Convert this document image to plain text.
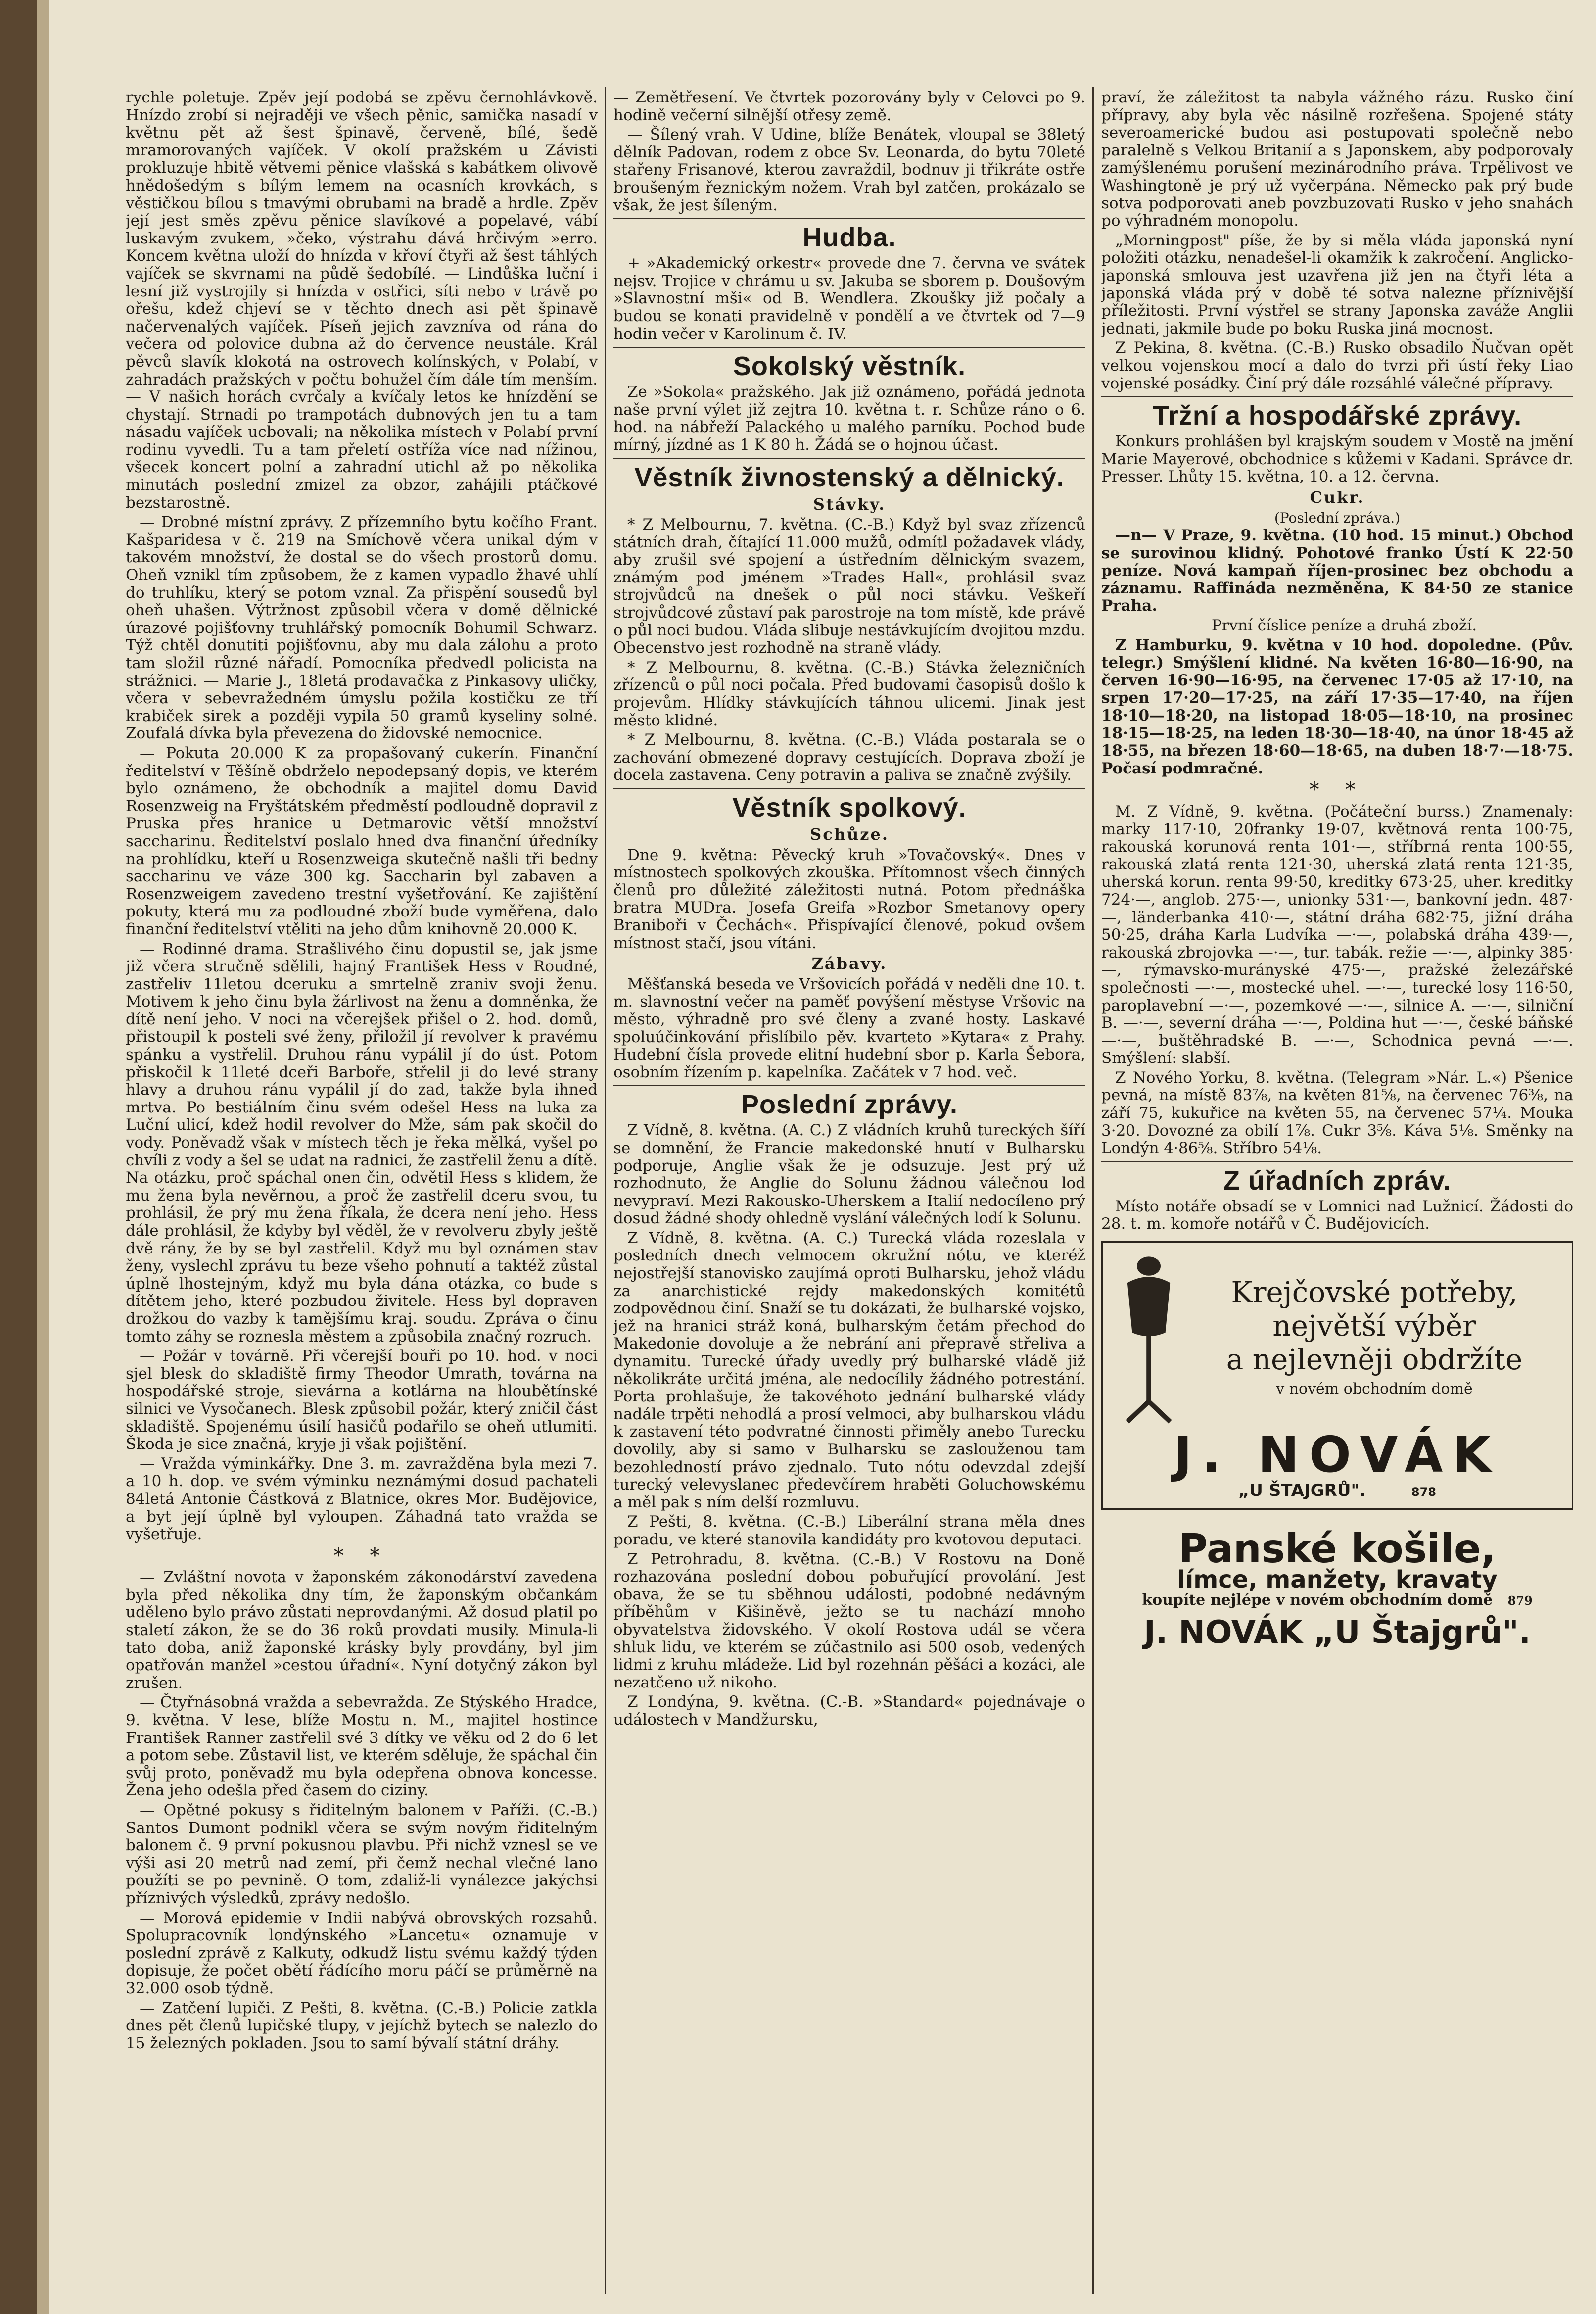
rychle poletuje. Zpěv její podobá se zpěvu černohlávkově. Hnízdo zrobí si nejraději ve všech pěnic, samička nasadí v květnu pět až šest špinavě, červeně, bílé, šedě mramorovaných vajíček. V okolí pražském u Závisti prokluzuje hbitě větvemi pěnice vlašská s kabátkem olivově hnědošedým s bílým lemem na ocasních krovkách, s věstičkou bílou s tmavými obrubami na bradě a hrdle. Zpěv její jest směs zpěvu pěnice slavíkové a popelavé, vábí luskavým zvukem, »čeko, výstrahu dává hrčivým »erro. Koncem května uloží do hnízda v křoví čtyři až šest táhlých vajíček se skvrnami na půdě šedobílé. — Lindůška luční i lesní již vystrojily si hnízda v ostřici, síti nebo v trávě po ořešu, kdež chjeví se v těchto dnech asi pět špinavě načervenalých vajíček. Píseň jejich zavzníva od rána do večera od polovice dubna až do července neustále. Král pěvců slavík klokotá na ostrovech kolínských, v Polabí, v zahradách pražských v počtu bohužel čím dále tím menším. — V našich horách cvrčaly a kvíčaly letos ke hnízdění se chystají. Strnadi po trampotách dubnových jen tu a tam násadu vajíček ucbovali; na několika místech v Polabí první rodinu vyvedli. Tu a tam přeletí ostříža více nad nížinou, všecek koncert polní a zahradní utichl až po několika minutách poslední zmizel za obzor, zahájili ptáčkové bezstarostně.

— Drobné místní zprávy. Z přízemního bytu kočího Frant. Kašparidesa v č. 219 na Smíchově včera unikal dým v takovém množství, že dostal se do všech prostorů domu. Oheň vznikl tím způsobem, že z kamen vypadlo žhavé uhlí do truhlíku, který se potom vznal. Za přispění sousedů byl oheň uhašen. Výtržnost způsobil včera v domě dělnické úrazové pojišťovny truhlářský pomocník Bohumil Schwarz. Týž chtěl donutiti pojišťovnu, aby mu dala zálohu a proto tam složil různé nářadí. Pomocníka předvedl policista na strážnici. — Marie J., 18letá prodavačka z Pinkasovy uličky, včera v sebevražedném úmyslu požila kostičku ze tří krabiček sirek a později vypila 50 gramů kyseliny solné. Zoufalá dívka byla převezena do židovské nemocnice.

— Pokuta 20.000 K za propašovaný cukerín. Finanční ředitelství v Těšíně obdrželo nepodepsaný dopis, ve kterém bylo oznámeno, že obchodník a majitel domu David Rosenzweig na Fryštátském předměstí podloudně dopravil z Pruska přes hranice u Detmarovic větší množství saccharinu. Ředitelství poslalo hned dva finanční úředníky na prohlídku, kteří u Rosenzweiga skutečně našli tři bedny saccharinu ve váze 300 kg. Saccharin byl zabaven a Rosenzweigem zavedeno trestní vyšetřování. Ke zajištění pokuty, která mu za podloudné zboží bude vyměřena, dalo finanční ředitelství vtěliti na jeho dům knihovně 20.000 K.

— Rodinné drama. Strašlivého činu dopustil se, jak jsme již včera stručně sdělili, hajný František Hess v Roudné, zastřeliv 11letou dceruku a smrtelně zraniv svoji ženu. Motivem k jeho činu byla žárlivost na ženu a domněnka, že dítě není jeho. V noci na včerejšek přišel o 2. hod. domů, přistoupil k posteli své ženy, přiložil jí revolver k pravému spánku a vystřelil. Druhou ránu vypálil jí do úst. Potom přiskočil k 11leté dceři Barboře, střelil ji do levé strany hlavy a druhou ránu vypálil jí do zad, takže byla ihned mrtva. Po bestiálním činu svém odešel Hess na luka za Luční ulicí, kdež hodil revolver do Mže, sám pak skočil do vody. Poněvadž však v místech těch je řeka mělká, vyšel po chvíli z vody a šel se udat na radnici, že zastřelil ženu a dítě. Na otázku, proč spáchal onen čin, odvětil Hess s klidem, že mu žena byla nevěrnou, a proč že zastřelil dceru svou, tu prohlásil, že prý mu žena říkala, že dcera není jeho. Hess dále prohlásil, že kdyby byl věděl, že v revolveru zbyly ještě dvě rány, že by se byl zastřelil. Když mu byl oznámen stav ženy, vyslechl zprávu tu beze všeho pohnutí a taktéž zůstal úplně lhostejným, když mu byla dána otázka, co bude s dítětem jeho, které pozbudou živitele. Hess byl dopraven drožkou do vazby k tamějšímu kraj. soudu. Zpráva o činu tomto záhy se roznesla městem a způsobila značný rozruch.

— Požár v továrně. Při včerejší bouři po 10. hod. v noci sjel blesk do skladiště firmy Theodor Umrath, továrna na hospodářské stroje, sievárna a kotlárna na hloubětínské silnici ve Vysočanech. Blesk způsobil požár, který zničil část skladiště. Spojenému úsilí hasičů podařilo se oheň utlumiti. Škoda je sice značná, kryje ji však pojištění.

— Vražda výminkářky. Dne 3. m. zavražděna byla mezi 7. a 10 h. dop. ve svém výminku neznámými dosud pachateli 84letá Antonie Částková z Blatnice, okres Mor. Budějovice, a byt její úplně byl vyloupen. Záhadná tato vražda se vyšetřuje.

* *

— Zvláštní novota v žaponském zákonodárství zavedena byla před několika dny tím, že žaponským občankám uděleno bylo právo zůstati neprovdanými. Až dosud platil po staletí zákon, že se do 36 roků provdati musily. Minula-li tato doba, aniž žaponské krásky byly provdány, byl jim opatřován manžel »cestou úřadní«. Nyní dotyčný zákon byl zrušen.

— Čtyřnásobná vražda a sebevražda. Ze Stýského Hradce, 9. května. V lese, blíže Mostu n. M., majitel hostince František Ranner zastřelil své 3 dítky ve věku od 2 do 6 let a potom sebe. Zůstavil list, ve kterém sděluje, že spáchal čin svůj proto, poněvadž mu byla odepřena obnova koncesse. Žena jeho odešla před časem do ciziny.

— Opětné pokusy s řiditelným balonem v Paříži. (C.-B.) Santos Dumont podnikl včera se svým novým řiditelným balonem č. 9 první pokusnou plavbu. Při nichž vznesl se ve výši asi 20 metrů nad zemí, při čemž nechal vlečné lano použíti se po pevnině. O tom, zdaliž-li vynálezce jakýchsi příznivých výsledků, zprávy nedošlo.

— Morová epidemie v Indii nabývá obrovských rozsahů. Spolupracovník londýnského »Lancetu« oznamuje v poslední zprávě z Kalkuty, odkudž listu svému každý týden dopisuje, že počet obětí řádícího moru páčí se průměrně na 32.000 osob týdně.

— Zatčení lupiči. Z Pešti, 8. května. (C.-B.) Policie zatkla dnes pět členů lupičské tlupy, v jejíchž bytech se nalezlo do 15 železných pokladen. Jsou to samí bývalí státní dráhy.

— Zemětřesení. Ve čtvrtek pozorovány byly v Celovci po 9. hodině večerní silnější otřesy země.

— Šílený vrah. V Udine, blíže Benátek, vloupal se 38letý dělník Padovan, rodem z obce Sv. Leonarda, do bytu 70leté stařeny Frisanové, kterou zavraždil, bodnuv ji třikráte ostře broušeným řeznickým nožem. Vrah byl zatčen, prokázalo se však, že jest šíleným.

Hudba.

+ »Akademický orkestr« provede dne 7. června ve svátek nejsv. Trojice v chrámu u sv. Jakuba se sborem p. Doušovým »Slavnostní mši« od B. Wendlera. Zkoušky již počaly a budou se konati pravidelně v pondělí a ve čtvrtek od 7—9 hodin večer v Karolinum č. IV.

Sokolský věstník.

Ze »Sokola« pražského. Jak již oznámeno, pořádá jednota naše první výlet již zejtra 10. května t. r. Schůze ráno o 6. hod. na nábřeží Palackého u malého parníku. Pochod bude mírný, jízdné as 1 K 80 h. Žádá se o hojnou účast.

Věstník živnostenský a dělnický.
Stávky.

* Z Melbournu, 7. května. (C.-B.) Když byl svaz zřízenců státních drah, čítající 11.000 mužů, odmítl požadavek vlády, aby zrušil své spojení a ústředním dělnickým svazem, známým pod jménem »Trades Hall«, prohlásil svaz strojvůdců na dnešek o půl noci stávku. Veškeří strojvůdcové zůstaví pak parostroje na tom místě, kde právě o půl noci budou. Vláda slibuje nestávkujícím dvojitou mzdu. Obecenstvo jest rozhodně na straně vlády.

* Z Melbournu, 8. května. (C.-B.) Stávka železničních zřízenců o půl noci počala. Před budovami časopisů došlo k projevům. Hlídky stávkujících táhnou ulicemi. Jinak jest město klidné.

* Z Melbournu, 8. května. (C.-B.) Vláda postarala se o zachování obmezené dopravy cestujících. Doprava zboží je docela zastavena. Ceny potravin a paliva se značně zvýšily.

Věstník spolkový.
Schůze.

Dne 9. května: Pěvecký kruh »Tovačovský«. Dnes v místnostech spolkových zkouška. Přítomnost všech činných členů pro důležité záležitosti nutná. Potom přednáška bratra MUDra. Josefa Greifa »Rozbor Smetanovy opery Braniboři v Čechách«. Přispívající členové, pokud ovšem místnost stačí, jsou vítáni.

Zábavy.

Měšťanská beseda ve Vršovicích pořádá v neděli dne 10. t. m. slavnostní večer na paměť povýšení městyse Vršovic na město, výhradně pro své členy a zvané hosty. Laskavé spoluúčinkování přislíbilo pěv. kvarteto »Kytara« z Prahy. Hudební čísla provede elitní hudební sbor p. Karla Šebora, osobním řízením p. kapelníka. Začátek v 7 hod. več.

Poslední zprávy.

Z Vídně, 8. května. (A. C.) Z vládních kruhů tureckých šíří se domnění, že Francie makedonské hnutí v Bulharsku podporuje, Anglie však že je odsuzuje. Jest prý už rozhodnuto, že Anglie do Solunu žádnou válečnou loď nevypraví. Mezi Rakousko-Uherskem a Italií nedocíleno prý dosud žádné shody ohledně vyslání válečných lodí k Solunu.

Z Vídně, 8. května. (A. C.) Turecká vláda rozeslala v posledních dnech velmocem okružní nótu, ve kteréž nejostřejší stanovisko zaujímá oproti Bulharsku, jehož vládu za anarchistické rejdy makedonských komitétů zodpovědnou činí. Snaží se tu dokázati, že bulharské vojsko, jež na hranici stráž koná, bulharským četám přechod do Makedonie dovoluje a že nebrání ani přepravě střeliva a dynamitu. Turecké úřady uvedly prý bulharské vládě již několikráte určitá jména, ale nedocílily žádného potrestání. Porta prohlašuje, že takovéhoto jednání bulharské vlády nadále trpěti nehodlá a prosí velmoci, aby bulharskou vládu k zastavení této podvratné činnosti přiměly anebo Turecku dovolily, aby si samo v Bulharsku se zaslouženou tam bezohledností právo zjednalo. Tuto nótu odevzdal zdejší turecký velevyslanec předevčírem hraběti Goluchowskému a měl pak s ním delší rozmluvu.

Z Pešti, 8. května. (C.-B.) Liberální strana měla dnes poradu, ve které stanovila kandidáty pro kvotovou deputaci.

Z Petrohradu, 8. května. (C.-B.) V Rostovu na Doně rozhazována poslední dobou pobuřující provolání. Jest obava, že se tu sběhnou události, podobné nedávným příběhům v Kišiněvě, ježto se tu nachází mnoho obyvatelstva židovského. V okolí Rostova udál se včera shluk lidu, ve kterém se zúčastnilo asi 500 osob, vedených lidmi z kruhu mládeže. Lid byl rozehnán pěšáci a kozáci, ale nezatčeno už nikoho.

Z Londýna, 9. května. (C.-B. »Standard« pojednávaje o událostech v Mandžursku,

praví, že záležitost ta nabyla vážného rázu. Rusko činí přípravy, aby byla věc násilně rozřešena. Spojené státy severoamerické budou asi postupovati společně nebo paralelně s Velkou Britanií a s Japonskem, aby podporovaly zamýšlenému porušení mezinárodního práva. Trpělivost ve Washingtoně je prý už vyčerpána. Německo pak prý bude sotva podporovati aneb povzbuzovati Rusko v jeho snahách po výhradném monopolu.

„Morningpost" píše, že by si měla vláda japonská nyní položiti otázku, nenadešel-li okamžik k zakročení. Anglicko-japonská smlouva jest uzavřena již jen na čtyři léta a japonská vláda prý v době té sotva nalezne příznivější příležitosti. První výstřel se strany Japonska zaváže Anglii jednati, jakmile bude po boku Ruska jiná mocnost.

Z Pekina, 8. května. (C.-B.) Rusko obsadilo Ňučvan opět velkou vojenskou mocí a dalo do tvrzi při ústí řeky Liao vojenské posádky. Činí prý dále rozsáhlé válečné přípravy.

Tržní a hospodářské zprávy.

Konkurs prohlášen byl krajským soudem v Mostě na jmění Marie Mayerové, obchodnice s kůžemi v Kadani. Správce dr. Presser. Lhůty 15. května, 10. a 12. června.

Cukr.
(Poslední zpráva.)

—n— V Praze, 9. května. (10 hod. 15 minut.) Obchod se surovinou klidný. Pohotové franko Ústí K 22·50 peníze. Nová kampaň říjen-prosinec bez obchodu a záznamu. Raffináda nezměněna, K 84·50 ze stanice Praha.

První číslice peníze a druhá zboží.

Z Hamburku, 9. května v 10 hod. dopoledne. (Pův. telegr.) Smýšlení klidné. Na květen 16·80—16·90, na červen 16·90—16·95, na červenec 17·05 až 17·10, na srpen 17·20—17·25, na září 17·35—17·40, na říjen 18·10—18·20, na listopad 18·05—18·10, na prosinec 18·15—18·25, na leden 18·30—18·40, na únor 18·45 až 18·55, na březen 18·60—18·65, na duben 18·7·—18·75. Počasí podmračné.

* *

M. Z Vídně, 9. května. (Počáteční burss.) Znamenaly: marky 117·10, 20franky 19·07, květnová renta 100·75, rakouská korunová renta 101·—, stříbrná renta 100·55, rakouská zlatá renta 121·30, uherská zlatá renta 121·35, uherská korun. renta 99·50, kreditky 673·25, uher. kreditky 724·—, anglob. 275·—, unionky 531·—, bankovní jedn. 487·—, länderbanka 410·—, státní dráha 682·75, jižní dráha 50·25, dráha Karla Ludvíka —·—, polabská dráha 439·—, rakouská zbrojovka —·—, tur. tabák. režie —·—, alpinky 385·—, rýmavsko-murányské 475·—, pražské železářské společnosti —·—, mostecké uhel. —·—, turecké losy 116·50, paroplavební —·—, pozemkové —·—, silnice A. —·—, silniční B. —·—, severní dráha —·—, Poldina hut —·—, české báňské —·—, buštěhradské B. —·—, Schodnica pevná —·—. Smýšlení: slabší.

Z Nového Yorku, 8. května. (Telegram »Nár. L.«) Pšenice pevná, na místě 83⅞, na květen 81⅝, na červenec 76⅜, na září 75, kukuřice na květen 55, na červenec 57¼. Mouka 3·20. Dovozné za obilí 1⅞. Cukr 3⅝. Káva 5⅛. Směnky na Londýn 4·86⅝. Stříbro 54⅛.

Z úřadních zpráv.

Místo notáře obsadí se v Lomnici nad Lužnicí. Žádosti do 28. t. m. komoře notářů v Č. Budějovicích.

Krejčovské potřeby,
největší výběr
a nejlevněji obdržíte
v novém obchodním domě
J. NOVÁK
„U ŠTAJGRŮ".	878
Panské košile,
límce, manžety, kravaty
koupíte nejlépe v novém obchodním domě 879
J. NOVÁK „U Štajgrů".
